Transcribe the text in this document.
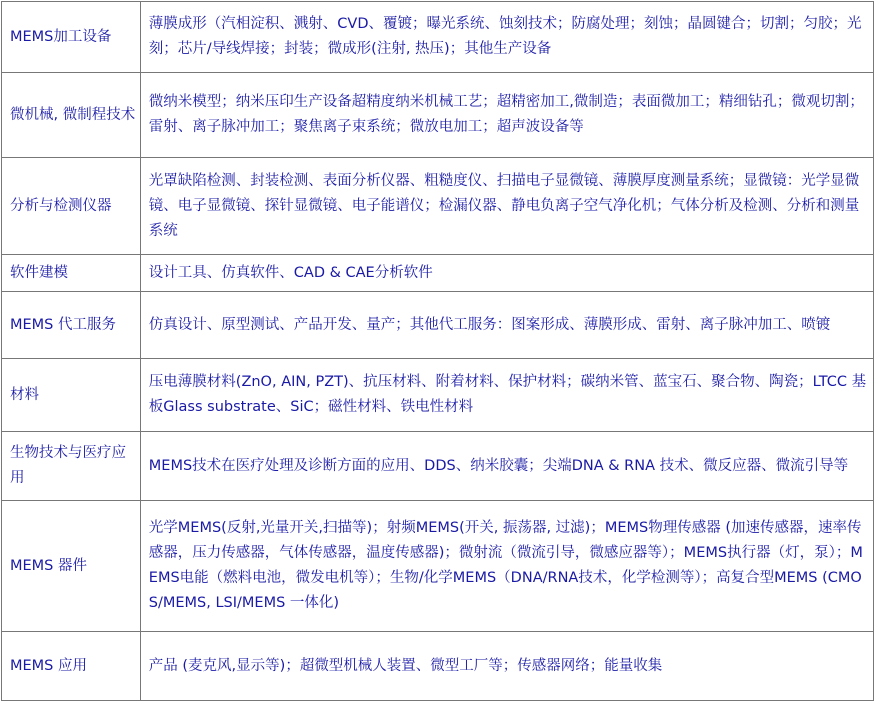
MEMS加工设备	薄膜成形（汽相淀积、溅射、CVD、覆镀；曝光系统、蚀刻技术；防腐处理；刻蚀；晶圆键合；切割；匀胶；光刻；芯片/导线焊接；封装；微成形(注射, 热压)；其他生产设备
微机械, 微制程技术	微纳米模型；纳米压印生产设备超精度纳米机械工艺；超精密加工,微制造；表面微加工；精细钻孔；微观切割；雷射、离子脉冲加工；聚焦离子束系统；微放电加工；超声波设备等
分析与检测仪器	光罩缺陷检测、封装检测、表面分析仪器、粗糙度仪、扫描电子显微镜、薄膜厚度测量系统；显微镜：光学显微镜、电子显微镜、探针显微镜、电子能谱仪；检漏仪器、静电负离子空气净化机；气体分析及检测、分析和测量系统
软件建模	设计工具、仿真软件、CAD & CAE分析软件
MEMS 代工服务	仿真设计、原型测试、产品开发、量产；其他代工服务：图案形成、薄膜形成、雷射、离子脉冲加工、喷镀
材料	压电薄膜材料(ZnO, AIN, PZT)、抗压材料、附着材料、保护材料；碳纳米管、蓝宝石、聚合物、陶瓷；LTCC 基板Glass substrate、SiC；磁性材料、铁电性材料
生物技术与医疗应用	MEMS技术在医疗处理及诊断方面的应用、DDS、纳米胶囊；尖端DNA & RNA 技术、微反应器、微流引导等
MEMS 器件	光学MEMS(反射,光量开关,扫描等)；射频MEMS(开关, 振荡器, 过滤)；MEMS物理传感器 (加速传感器，速率传感器，压力传感器，气体传感器，温度传感器)；微射流（微流引导，微感应器等）；MEMS执行器（灯，泵）；MEMS电能（燃料电池，微发电机等）；生物/化学MEMS（DNA/RNA技术，化学检测等）；高复合型MEMS (CMOS/MEMS, LSI/MEMS 一体化)
MEMS 应用	产品 (麦克风,显示等)；超微型机械人装置、微型工厂等；传感器网络；能量收集
